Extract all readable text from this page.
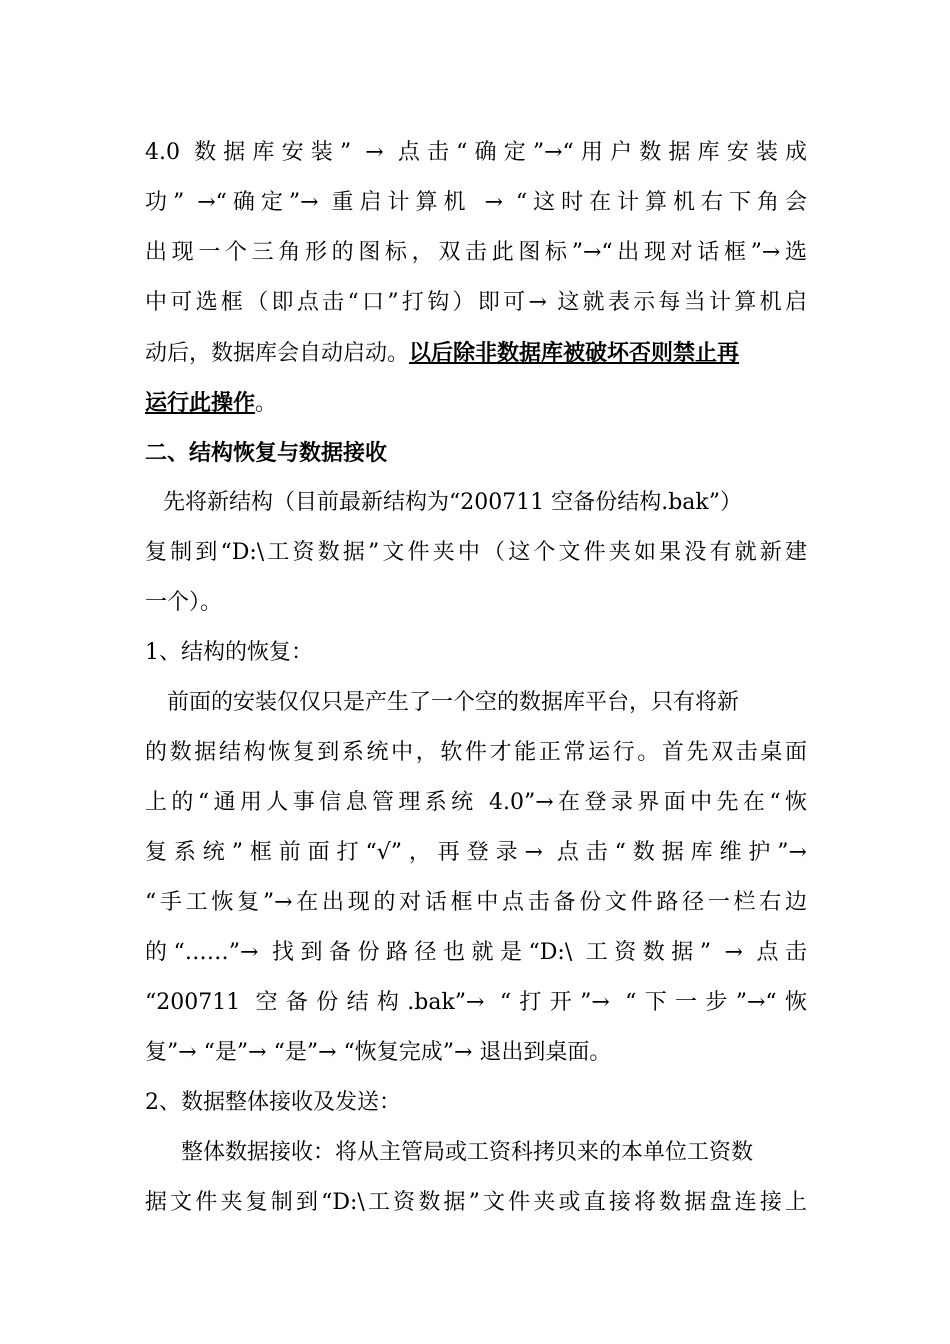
4.0 数据库安装” → 点击“确定”→“用户数据库安装成
功” →“确定”→ 重启计算机 → “这时在计算机右下角会
出现一个三角形的图标，双击此图标”→“出现对话框”→选
中可选框（即点击“口”打钩）即可→ 这就表示每当计算机启
动后，数据库会自动启动。以后除非数据库被破坏否则禁止再
运行此操作。
二、结构恢复与数据接收
先将新结构（目前最新结构为“200711 空备份结构.bak”）
复制到“D:\工资数据”文件夹中（这个文件夹如果没有就新建
一个）。
1、结构的恢复：
前面的安装仅仅只是产生了一个空的数据库平台，只有将新
的数据结构恢复到系统中，软件才能正常运行。首先双击桌面
上的“通用人事信息管理系统 4.0”→在登录界面中先在“恢
复系统”框前面打“√”，再登录→ 点击“数据库维护”→
“手工恢复”→在出现的对话框中点击备份文件路径一栏右边
的“……”→ 找到备份路径也就是“D:\ 工资数据” → 点击
“200711 空备份结构.bak”→ “打开”→ “下一步”→“恢
复”→ “是”→ “是”→ “恢复完成”→ 退出到桌面。
2、数据整体接收及发送：
整体数据接收：将从主管局或工资科拷贝来的本单位工资数
据文件夹复制到“D:\工资数据”文件夹或直接将数据盘连接上
